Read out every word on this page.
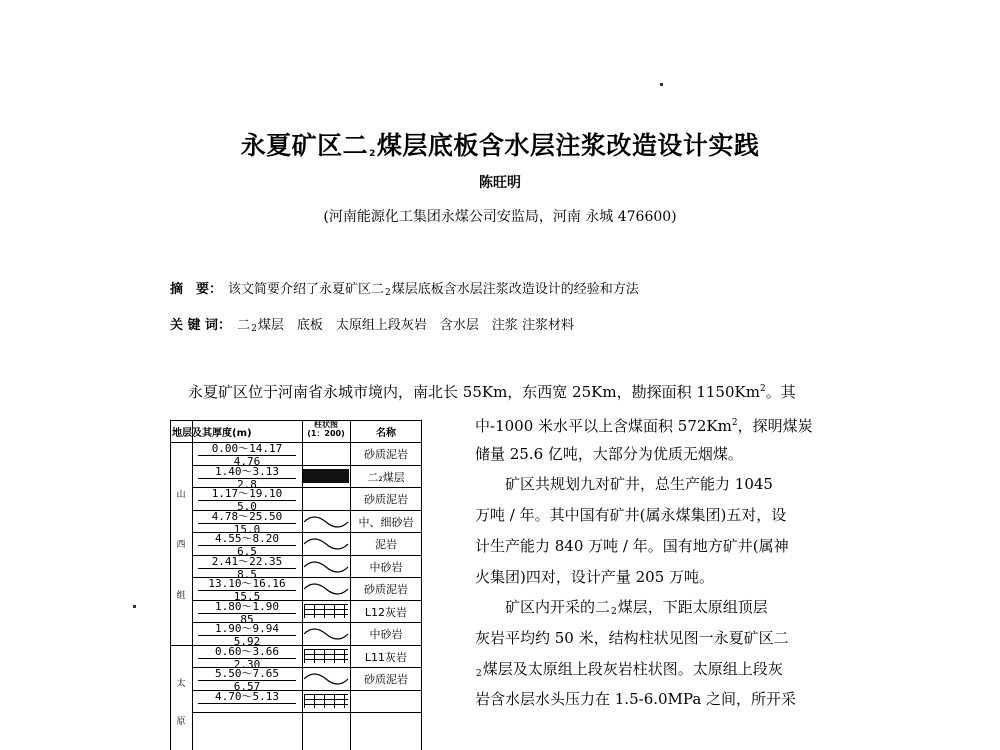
永夏矿区二$_2$煤层底板含水层注浆改造设计实践
陈旺明
(河南能源化工集团永煤公司安监局，河南 永城 476600)
摘　要： 该文简要介绍了永夏矿区二$_2$煤层底板含水层注浆改造设计的经验和方法
关 键 词： 二$_2$煤层　底板　太原组上段灰岩　含水层　注浆 注浆材料
永夏矿区位于河南省永城市境内，南北长 55Km，东西宽 25Km，勘探面积 1150Km$^2$。其
中-1000 米水平以上含煤面积 572Km$^2$，探明煤炭
储量 25.6 亿吨，大部分为优质无烟煤。
　　矿区共规划九对矿井，总生产能力 1045
万吨 / 年。其中国有矿井(属永煤集团)五对，设
计生产能力 840 万吨 / 年。国有地方矿井(属神
火集团)四对，设计产量 205 万吨。
　　矿区内开采的二$_2$煤层，下距太原组顶层
灰岩平均约 50 米，结构柱状见图一永夏矿区二
$_2$煤层及太原组上段灰岩柱状图。太原组上段灰
岩含水层水头压力在 1.5-6.0MPa 之间，所开采
地层及其厚度(m)
柱状图
(1：200)	名称
山
西
组
太
原
0.00～14.17
4.76
砂质泥岩
1.40～3.13
2.8
二₂煤层
1.17～19.10
5.0
砂质泥岩
4.78～25.50
15.0
中、细砂岩
4.55～8.20
6.5
泥岩
2.41～22.35
8.5
中砂岩
13.10～16.16
15.5
砂质泥岩
1.80～1.90
85
L12灰岩
1.90～9.94
5.92
中砂岩
0.60～3.66
2.30
L11灰岩
5.50～7.65
6.57
砂质泥岩
4.70～5.13
